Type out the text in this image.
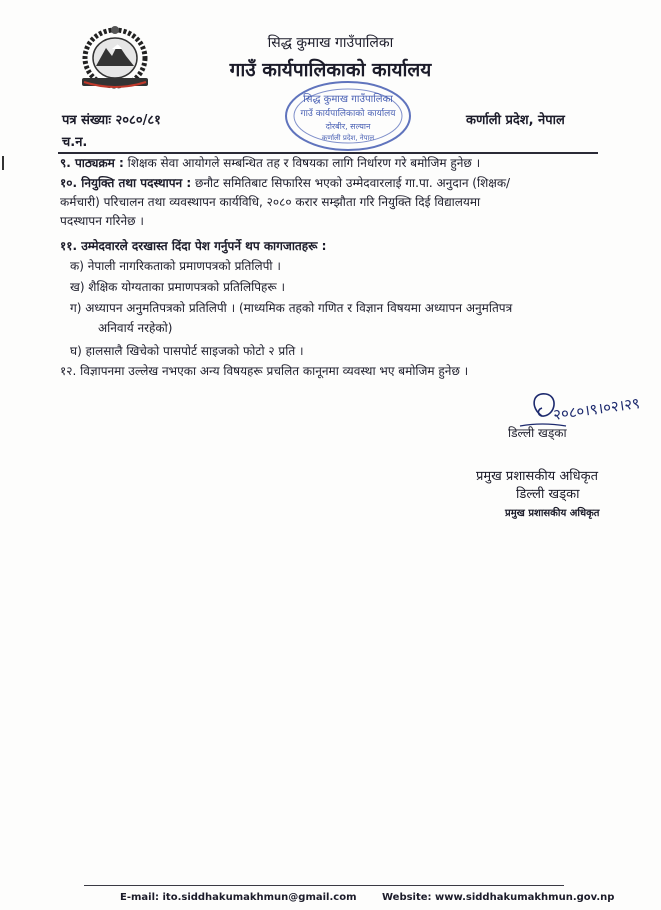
सिद्ध कुमाख गाउँपालिका
गाउँ कार्यपालिकाको कार्यालय
सिद्ध कुमाख गाउँपालिका
गाउँ कार्यपालिकाको कार्यालय
दोरबीर, सल्यान
कर्णाली प्रदेश, नेपाल
पत्र संख्याः २०८०/८१
च.न.
कर्णाली प्रदेश, नेपाल
९. पाठ्यक्रम : शिक्षक सेवा आयोगले सम्बन्धित तह र विषयका लागि निर्धारण गरे बमोजिम हुनेछ ।
१०. नियुक्ति तथा पदस्थापन : छनौट समितिबाट सिफारिस भएको उम्मेदवारलाई गा.पा. अनुदान (शिक्षक/
कर्मचारी) परिचालन तथा व्यवस्थापन कार्यविधि, २०८० करार सम्झौता गरि नियुक्ति दिई विद्यालयमा
पदस्थापन गरिनेछ ।
११. उम्मेदवारले दरखास्त दिंदा पेश गर्नुपर्ने थप कागजातहरू :
क) नेपाली नागरिकताको प्रमाणपत्रको प्रतिलिपी ।
ख) शैक्षिक योग्यताका प्रमाणपत्रको प्रतिलिपिहरू ।
ग) अध्यापन अनुमतिपत्रको प्रतिलिपी । (माध्यमिक तहको गणित र विज्ञान विषयमा अध्यापन अनुमतिपत्र
अनिवार्य नरहेको)
घ) हालसालै खिचेको पासपोर्ट साइजको फोटो २ प्रति ।
१२. विज्ञापनमा उल्लेख नभएका अन्य विषयहरू प्रचलित कानूनमा व्यवस्था भए बमोजिम हुनेछ ।
२०८०।९।०२।२९
डिल्ली खड्का
प्रमुख प्रशासकीय अधिकृत
डिल्ली खड्का
प्रमुख प्रशासकीय अधिकृत
E-mail: ito.siddhakumakhmun@gmail.com	Website: www.siddhakumakhmun.gov.np
